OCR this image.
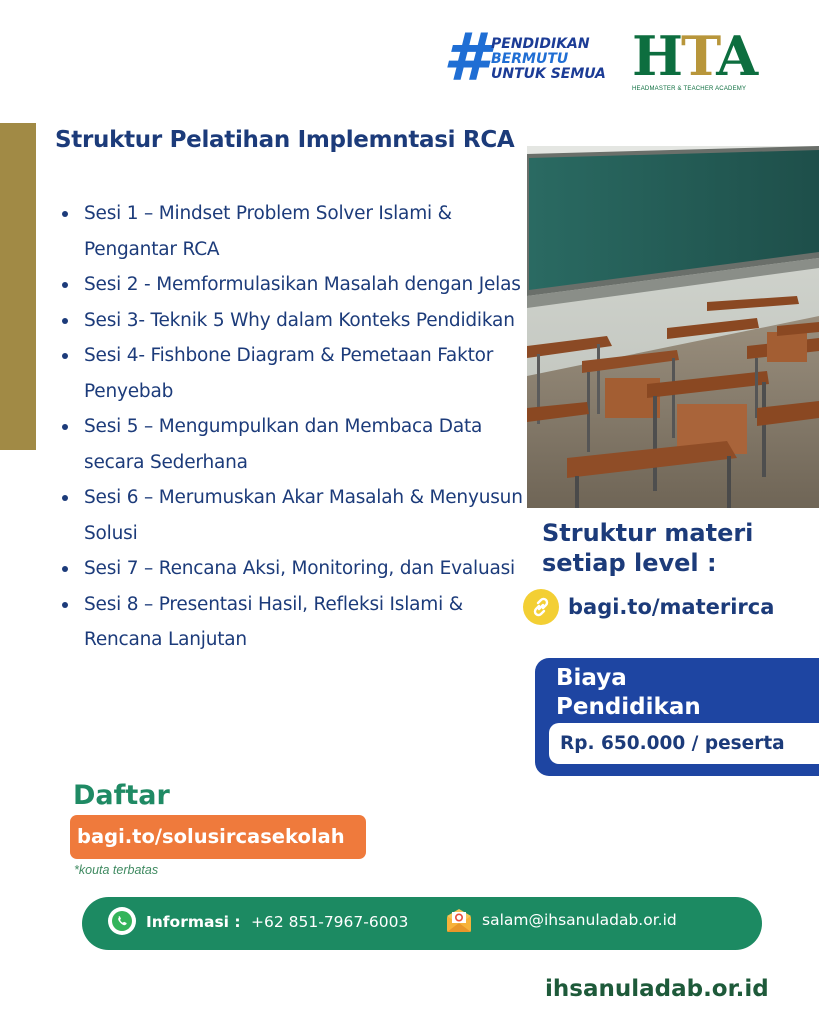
# PENDIDIKAN
BERMUTU
UNTUK SEMUA HTA
HEADMASTER & TEACHER ACADEMY
Struktur Pelatihan Implemntasi RCA
Sesi 1 – Mindset Problem Solver Islami & Pengantar RCA
Sesi 2 - Memformulasikan Masalah dengan Jelas
Sesi 3- Teknik 5 Why dalam Konteks Pendidikan
Sesi 4- Fishbone Diagram & Pemetaan Faktor Penyebab
Sesi 5 – Mengumpulkan dan Membaca Data secara Sederhana
Sesi 6 – Merumuskan Akar Masalah & Menyusun Solusi
Sesi 7 – Rencana Aksi, Monitoring, dan Evaluasi
Sesi 8 – Presentasi Hasil, Refleksi Islami & Rencana Lanjutan
Struktur materi setiap level :
bagi.to/materirca
Biaya Pendidikan
Rp. 650.000 / peserta
Daftar
bagi.to/solusircasekolah
*kouta terbatas
Informasi : +62 851-7967-6003	salam@ihsanuladab.or.id
ihsanuladab.or.id
